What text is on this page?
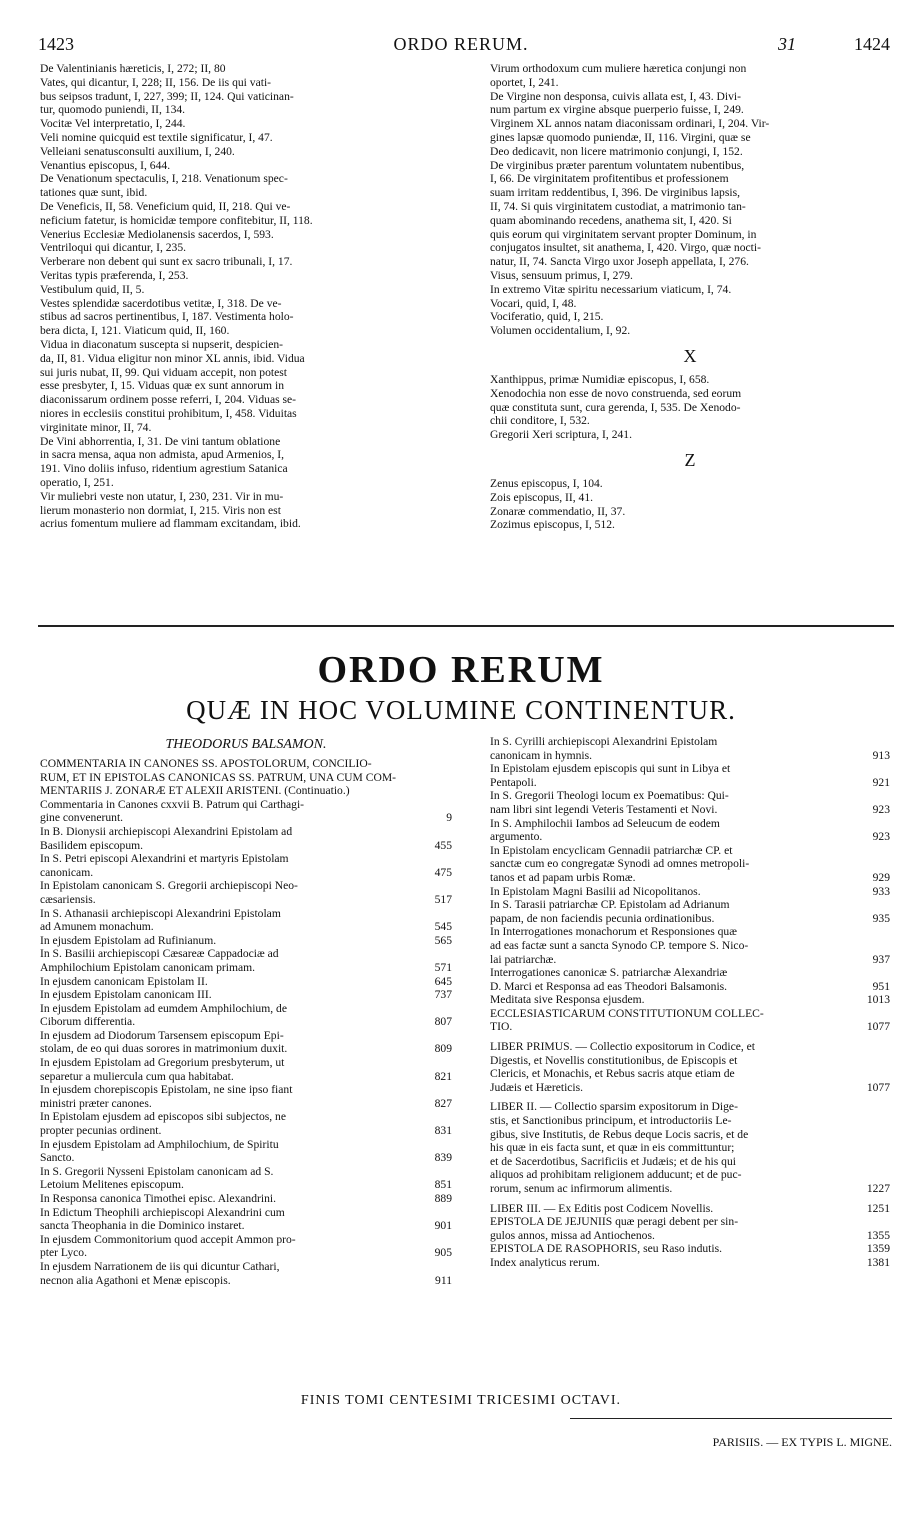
1423	ORDO RERUM.	31	1424
De Valentinianis hæreticis, I, 272; II, 80
Vates, qui dicantur, I, 228; II, 156. De iis qui vati-
bus seipsos tradunt, I, 227, 399; II, 124. Qui vaticinan-
tur, quomodo puniendi, II, 134.
Vocitæ Vel interpretatio, I, 244.
Veli nomine quicquid est textile significatur, I, 47.
Velleiani senatusconsulti auxilium, I, 240.
Venantius episcopus, I, 644.
De Venationum spectaculis, I, 218. Venationum spec-
tationes quæ sunt, ibid.
De Veneficis, II, 58. Veneficium quid, II, 218. Qui ve-
neficium fatetur, is homicidæ tempore confitebitur, II, 118.
Venerius Ecclesiæ Mediolanensis sacerdos, I, 593.
Ventriloqui qui dicantur, I, 235.
Verberare non debent qui sunt ex sacro tribunali, I, 17.
Veritas typis præferenda, I, 253.
Vestibulum quid, II, 5.
Vestes splendidæ sacerdotibus vetitæ, I, 318. De ve-
stibus ad sacros pertinentibus, I, 187. Vestimenta holo-
bera dicta, I, 121. Viaticum quid, II, 160.
Vidua in diaconatum suscepta si nupserit, despicien-
da, II, 81. Vidua eligitur non minor XL annis, ibid. Vidua
sui juris nubat, II, 99. Qui viduam accepit, non potest
esse presbyter, I, 15. Viduas quæ ex sunt annorum in
diaconissarum ordinem posse referri, I, 204. Viduas se-
niores in ecclesiis constitui prohibitum, I, 458. Viduitas
virginitate minor, II, 74.
De Vini abhorrentia, I, 31. De vini tantum oblatione
in sacra mensa, aqua non admista, apud Armenios, I,
191. Vino doliis infuso, ridentium agrestium Satanica
operatio, I, 251.
Vir muliebri veste non utatur, I, 230, 231. Vir in mu-
lierum monasterio non dormiat, I, 215. Viris non est
acrius fomentum muliere ad flammam excitandam, ibid.
Virum orthodoxum cum muliere hæretica conjungi non
oportet, I, 241.
De Virgine non desponsa, cuivis allata est, I, 43. Divi-
num partum ex virgine absque puerperio fuisse, I, 249.
Virginem XL annos natam diaconissam ordinari, I, 204. Vir-
gines lapsæ quomodo puniendæ, II, 116. Virgini, quæ se
Deo dedicavit, non licere matrimonio conjungi, I, 152.
De virginibus præter parentum voluntatem nubentibus,
I, 66. De virginitatem profitentibus et professionem
suam irritam reddentibus, I, 396. De virginibus lapsis,
II, 74. Si quis virginitatem custodiat, a matrimonio tan-
quam abominando recedens, anathema sit, I, 420. Si
quis eorum qui virginitatem servant propter Dominum, in
conjugatos insultet, sit anathema, I, 420. Virgo, quæ nocti-
natur, II, 74. Sancta Virgo uxor Joseph appellata, I, 276.
Visus, sensuum primus, I, 279.
In extremo Vitæ spiritu necessarium viaticum, I, 74.
Vocari, quid, I, 48.
Vociferatio, quid, I, 215.
Volumen occidentalium, I, 92.
X
Xanthippus, primæ Numidiæ episcopus, I, 658.
Xenodochia non esse de novo construenda, sed eorum
quæ constituta sunt, cura gerenda, I, 535. De Xenodo-
chii conditore, I, 532.
Gregorii Xeri scriptura, I, 241.
Z
Zenus episcopus, I, 104.
Zois episcopus, II, 41.
Zonaræ commendatio, II, 37.
Zozimus episcopus, I, 512.
ORDO RERUM
QUÆ IN HOC VOLUMINE CONTINENTUR.
THEODORUS BALSAMON.
COMMENTARIA IN CANONES SS. APOSTOLORUM, CONCILIO-
RUM, ET IN EPISTOLAS CANONICAS SS. PATRUM, UNA CUM COM-
MENTARIIS J. ZONARÆ ET ALEXII ARISTENI. (Continuatio.)
Commentaria in Canones cxxvii B. Patrum qui Carthagi-
gine convenerunt.	9
In B. Dionysii archiepiscopi Alexandrini Epistolam ad
Basilidem episcopum.	455
In S. Petri episcopi Alexandrini et martyris Epistolam
canonicam.	475
In Epistolam canonicam S. Gregorii archiepiscopi Neo-
cæsariensis.	517
In S. Athanasii archiepiscopi Alexandrini Epistolam
ad Amunem monachum.	545
In ejusdem Epistolam ad Rufinianum.	565
In S. Basilii archiepiscopi Cæsareæ Cappadociæ ad
Amphilochium Epistolam canonicam primam.	571
In ejusdem canonicam Epistolam II.	645
In ejusdem Epistolam canonicam III.	737
In ejusdem Epistolam ad eumdem Amphilochium, de
Ciborum differentia.	807
In ejusdem ad Diodorum Tarsensem episcopum Epi-
stolam, de eo qui duas sorores in matrimonium duxit.	809
In ejusdem Epistolam ad Gregorium presbyterum, ut
separetur a muliercula cum qua habitabat.	821
In ejusdem chorepiscopis Epistolam, ne sine ipso fiant
ministri præter canones.	827
In Epistolam ejusdem ad episcopos sibi subjectos, ne
propter pecunias ordinent.	831
In ejusdem Epistolam ad Amphilochium, de Spiritu
Sancto.	839
In S. Gregorii Nysseni Epistolam canonicam ad S.
Letoium Melitenes episcopum.	851
In Responsa canonica Timothei episc. Alexandrini.	889
In Edictum Theophili archiepiscopi Alexandrini cum
sancta Theophania in die Dominico instaret.	901
In ejusdem Commonitorium quod accepit Ammon pro-
pter Lyco.	905
In ejusdem Narrationem de iis qui dicuntur Cathari,
necnon alia Agathoni et Menæ episcopis.	911
In S. Cyrilli archiepiscopi Alexandrini Epistolam
canonicam in hymnis.	913
In Epistolam ejusdem episcopis qui sunt in Libya et
Pentapoli.	921
In S. Gregorii Theologi locum ex Poematibus: Qui-
nam libri sint legendi Veteris Testamenti et Novi.	923
In S. Amphilochii Iambos ad Seleucum de eodem
argumento.	923
In Epistolam encyclicam Gennadii patriarchæ CP. et
sanctæ cum eo congregatæ Synodi ad omnes metropoli-
tanos et ad papam urbis Romæ.	929
In Epistolam Magni Basilii ad Nicopolitanos.	933
In S. Tarasii patriarchæ CP. Epistolam ad Adrianum
papam, de non faciendis pecunia ordinationibus.	935
In Interrogationes monachorum et Responsiones quæ
ad eas factæ sunt a sancta Synodo CP. tempore S. Nico-
lai patriarchæ.	937
Interrogationes canonicæ S. patriarchæ Alexandriæ
D. Marci et Responsa ad eas Theodori Balsamonis.	951
Meditata sive Responsa ejusdem.	1013
ECCLESIASTICARUM CONSTITUTIONUM COLLEC-
TIO.	1077
LIBER PRIMUS. — Collectio expositorum in Codice, et
Digestis, et Novellis constitutionibus, de Episcopis et
Clericis, et Monachis, et Rebus sacris atque etiam de
Judæis et Hæreticis.	1077
LIBER II. — Collectio sparsim expositorum in Dige-
stis, et Sanctionibus principum, et introductoriis Le-
gibus, sive Institutis, de Rebus deque Locis sacris, et de
his quæ in eis facta sunt, et quæ in eis committuntur;
et de Sacerdotibus, Sacrificiis et Judæis; et de his qui
aliquos ad prohibitam religionem adducunt; et de puc-
rorum, senum ac infirmorum alimentis.	1227
LIBER III. — Ex Editis post Codicem Novellis.	1251
EPISTOLA DE JEJUNIIS quæ peragi debent per sin-
gulos annos, missa ad Antiochenos.	1355
EPISTOLA DE RASOPHORIS, seu Raso indutis.	1359
Index analyticus rerum.	1381
FINIS TOMI CENTESIMI TRICESIMI OCTAVI.
PARISIIS. — EX TYPIS L. MIGNE.
